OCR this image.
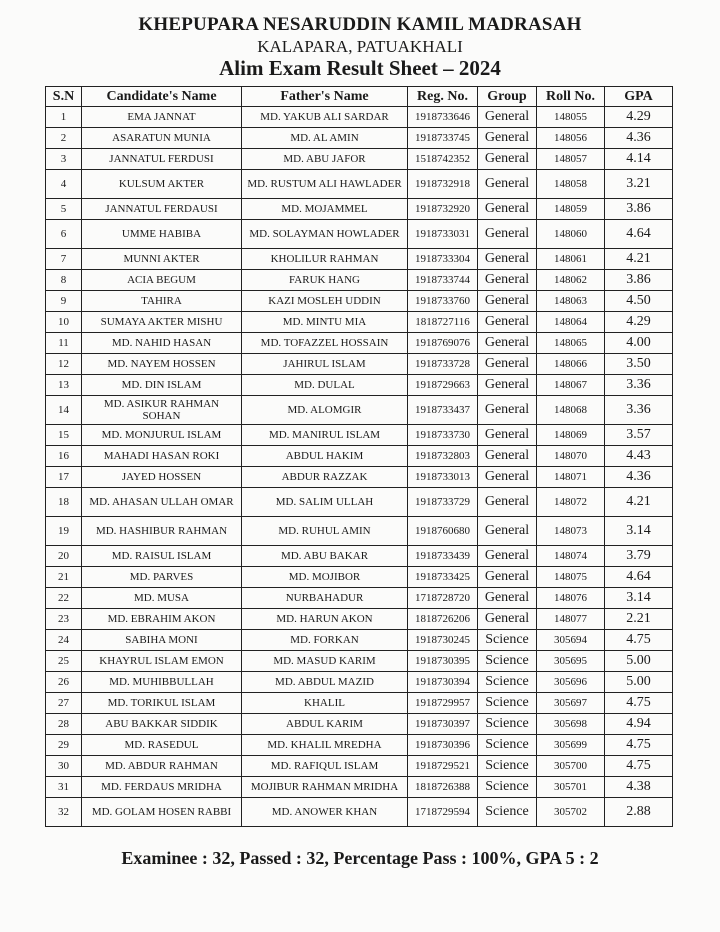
KHEPUPARA NESARUDDIN KAMIL MADRASAH
KALAPARA, PATUAKHALI
Alim Exam Result Sheet – 2024
S.N	Candidate's Name	Father's Name	Reg. No.	Group	Roll No.	GPA
1	EMA JANNAT	MD. YAKUB ALI SARDAR	1918733646	General	148055	4.29
2	ASARATUN MUNIA	MD. AL AMIN	1918733745	General	148056	4.36
3	JANNATUL FERDUSI	MD. ABU JAFOR	1518742352	General	148057	4.14
4	KULSUM AKTER	MD. RUSTUM ALI HAWLADER	1918732918	General	148058	3.21
5	JANNATUL FERDAUSI	MD. MOJAMMEL	1918732920	General	148059	3.86
6	UMME HABIBA	MD. SOLAYMAN HOWLADER	1918733031	General	148060	4.64
7	MUNNI AKTER	KHOLILUR RAHMAN	1918733304	General	148061	4.21
8	ACIA BEGUM	FARUK HANG	1918733744	General	148062	3.86
9	TAHIRA	KAZI MOSLEH UDDIN	1918733760	General	148063	4.50
10	SUMAYA AKTER MISHU	MD. MINTU MIA	1818727116	General	148064	4.29
11	MD. NAHID HASAN	MD. TOFAZZEL HOSSAIN	1918769076	General	148065	4.00
12	MD. NAYEM HOSSEN	JAHIRUL ISLAM	1918733728	General	148066	3.50
13	MD. DIN ISLAM	MD. DULAL	1918729663	General	148067	3.36
14	MD. ASIKUR RAHMAN SOHAN	MD. ALOMGIR	1918733437	General	148068	3.36
15	MD. MONJURUL ISLAM	MD. MANIRUL ISLAM	1918733730	General	148069	3.57
16	MAHADI HASAN ROKI	ABDUL HAKIM	1918732803	General	148070	4.43
17	JAYED HOSSEN	ABDUR RAZZAK	1918733013	General	148071	4.36
18	MD. AHASAN ULLAH OMAR	MD. SALIM ULLAH	1918733729	General	148072	4.21
19	MD. HASHIBUR RAHMAN	MD. RUHUL AMIN	1918760680	General	148073	3.14
20	MD. RAISUL ISLAM	MD. ABU BAKAR	1918733439	General	148074	3.79
21	MD. PARVES	MD. MOJIBOR	1918733425	General	148075	4.64
22	MD. MUSA	NURBAHADUR	1718728720	General	148076	3.14
23	MD. EBRAHIM AKON	MD. HARUN AKON	1818726206	General	148077	2.21
24	SABIHA MONI	MD. FORKAN	1918730245	Science	305694	4.75
25	KHAYRUL ISLAM EMON	MD. MASUD KARIM	1918730395	Science	305695	5.00
26	MD. MUHIBBULLAH	MD. ABDUL MAZID	1918730394	Science	305696	5.00
27	MD. TORIKUL ISLAM	KHALIL	1918729957	Science	305697	4.75
28	ABU BAKKAR SIDDIK	ABDUL KARIM	1918730397	Science	305698	4.94
29	MD. RASEDUL	MD. KHALIL MREDHA	1918730396	Science	305699	4.75
30	MD. ABDUR RAHMAN	MD. RAFIQUL ISLAM	1918729521	Science	305700	4.75
31	MD. FERDAUS MRIDHA	MOJIBUR RAHMAN MRIDHA	1818726388	Science	305701	4.38
32	MD. GOLAM HOSEN RABBI	MD. ANOWER KHAN	1718729594	Science	305702	2.88
Examinee : 32, Passed : 32, Percentage Pass : 100%, GPA 5 : 2
